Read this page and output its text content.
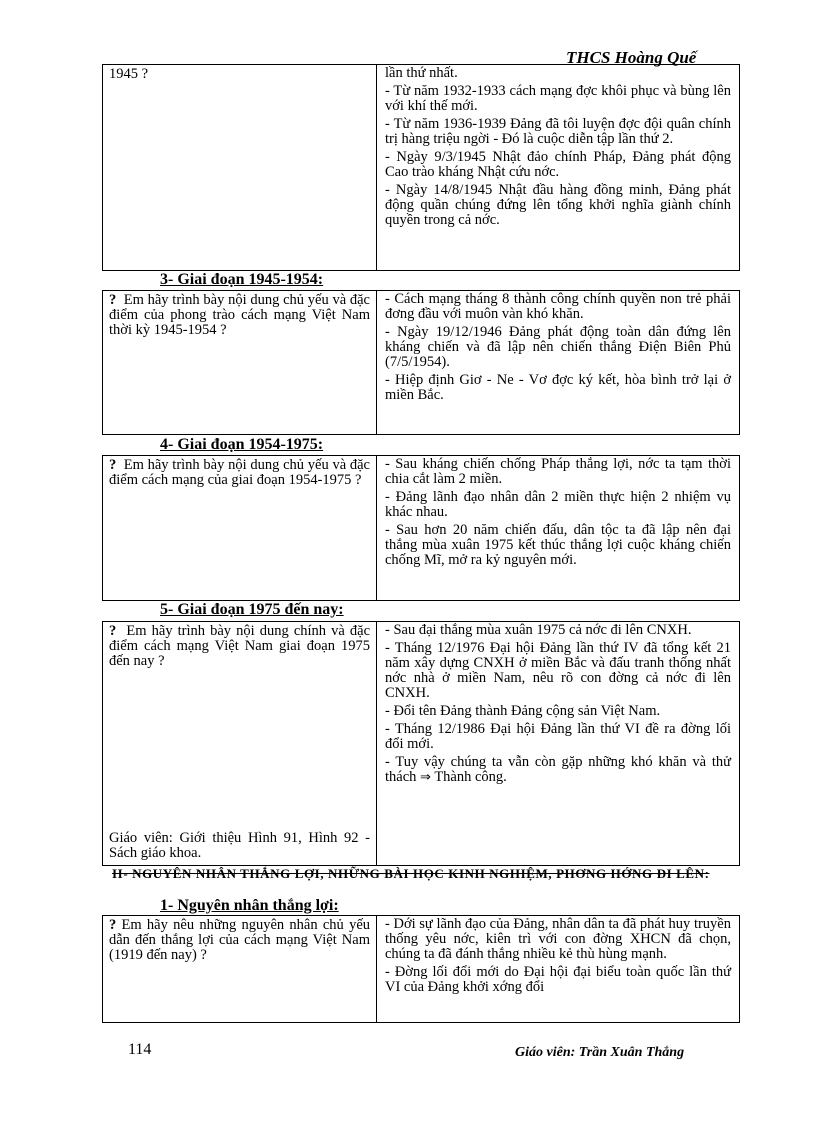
THCS Hoàng Quế
1945 ?	lần thứ nhất.

- Từ năm 1932-1933 cách mạng đợc khôi phục và bùng lên với khí thế mới.

- Từ năm 1936-1939 Đảng đã tôi luyện đợc đội quân chính trị hàng triệu ngời - Đó là cuộc diễn tập lần thứ 2.

- Ngày 9/3/1945 Nhật đảo chính Pháp, Đảng phát động Cao trào kháng Nhật cứu nớc.

- Ngày 14/8/1945 Nhật đầu hàng đồng minh, Đảng phát động quần chúng đứng lên tổng khởi nghĩa giành chính quyền trong cả nớc.

3- Giai đoạn 1945-1954:
? Em hãy trình bày nội dung chủ yếu và đặc điểm của phong trào cách mạng Việt Nam thời kỳ 1945-1954 ?

- Cách mạng tháng 8 thành công chính quyền non trẻ phải đơng đầu với muôn vàn khó khăn.

- Ngày 19/12/1946 Đảng phát động toàn dân đứng lên kháng chiến và đã lập nên chiến thắng Điện Biên Phủ (7/5/1954).

- Hiệp định Giơ - Ne - Vơ đợc ký kết, hòa bình trở lại ở miền Bắc.

4- Giai đoạn 1954-1975:
? Em hãy trình bày nội dung chủ yếu và đặc điểm cách mạng của giai đoạn 1954-1975 ?

- Sau kháng chiến chống Pháp thắng lợi, nớc ta tạm thời chia cắt làm 2 miền.

- Đảng lãnh đạo nhân dân 2 miền thực hiện 2 nhiệm vụ khác nhau.

- Sau hơn 20 năm chiến đấu, dân tộc ta đã lập nên đại thắng mùa xuân 1975 kết thúc thắng lợi cuộc kháng chiến chống Mĩ, mở ra kỷ nguyên mới.

5- Giai đoạn 1975 đến nay:
? Em hãy trình bày nội dung chính và đặc điểm cách mạng Việt Nam giai đoạn 1975 đến nay ?
Giáo viên: Giới thiệu Hình 91, Hình 92 - Sách giáo khoa.

- Sau đại thắng mùa xuân 1975 cả nớc đi lên CNXH.

- Tháng 12/1976 Đại hội Đảng lần thứ IV đã tổng kết 21 năm xây dựng CNXH ở miền Bắc và đấu tranh thống nhất nớc nhà ở miền Nam, nêu rõ con đờng cả nớc đi lên CNXH.

- Đổi tên Đảng thành Đảng cộng sản Việt Nam.

- Tháng 12/1986 Đại hội Đảng lần thứ VI đề ra đờng lối đổi mới.

- Tuy vậy chúng ta vẫn còn gặp những khó khăn và thử thách ⇒ Thành công.

II- NGUYÊN NHÂN THẮNG LỢI, NHỮNG BÀI HỌC KINH NGHIỆM, PHƠNG HỚNG ĐI LÊN:
1- Nguyên nhân thắng lợi:
? Em hãy nêu những nguyên nhân chủ yếu dẫn đến thắng lợi của cách mạng Việt Nam (1919 đến nay) ?

- Dới sự lãnh đạo của Đảng, nhân dân ta đã phát huy truyền thống yêu nớc, kiên trì với con đờng XHCN đã chọn, chúng ta đã đánh thắng nhiều kẻ thù hùng mạnh.

- Đờng lối đổi mới do Đại hội đại biểu toàn quốc lần thứ VI của Đảng khởi xớng đổi

114	Giáo viên: Trần Xuân Thắng
